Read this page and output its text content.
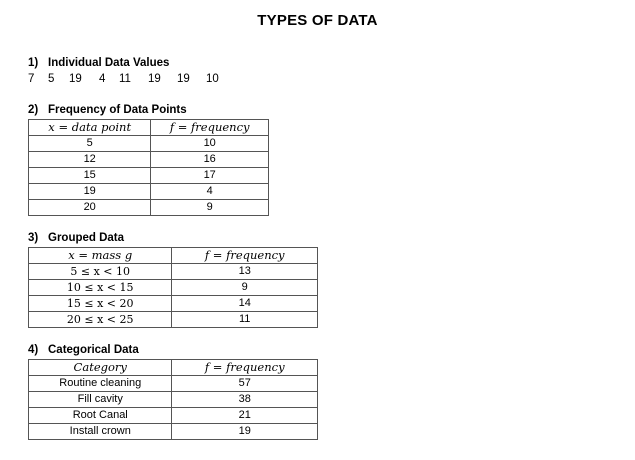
TYPES OF DATA
1) Individual Data Values
7	5	19	4	11	19	19	10
2) Frequency of Data Points
x = data point	f = frequency
5	10
12	16
15	17
19	4
20	9
3) Grouped Data
x = mass g	f = frequency
5 ≤ x < 10	13
10 ≤ x < 15	9
15 ≤ x < 20	14
20 ≤ x < 25	11
4) Categorical Data
Category	f = frequency
Routine cleaning	57
Fill cavity	38
Root Canal	21
Install crown	19
